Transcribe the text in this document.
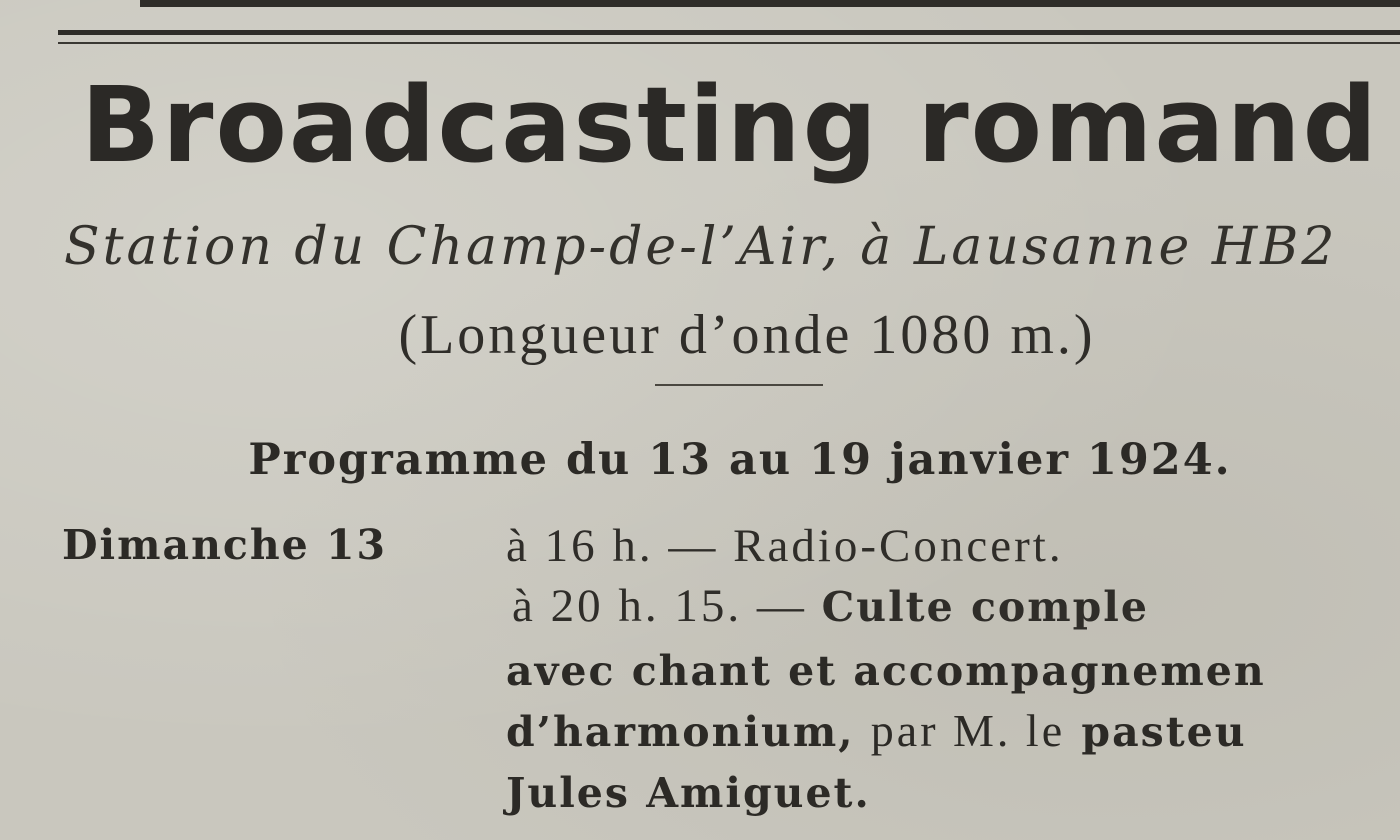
Broadcasting romand
Station du Champ-de-l’Air, à Lausanne HB2
(Longueur d’onde 1080 m.)
Programme du 13 au 19 janvier 1924.
Dimanche 13	à 16 h. — Radio-Concert.
à 20 h. 15. — Culte comple
avec chant et accompagnemen
d’harmonium, par M. le pasteu
Jules Amiguet.
